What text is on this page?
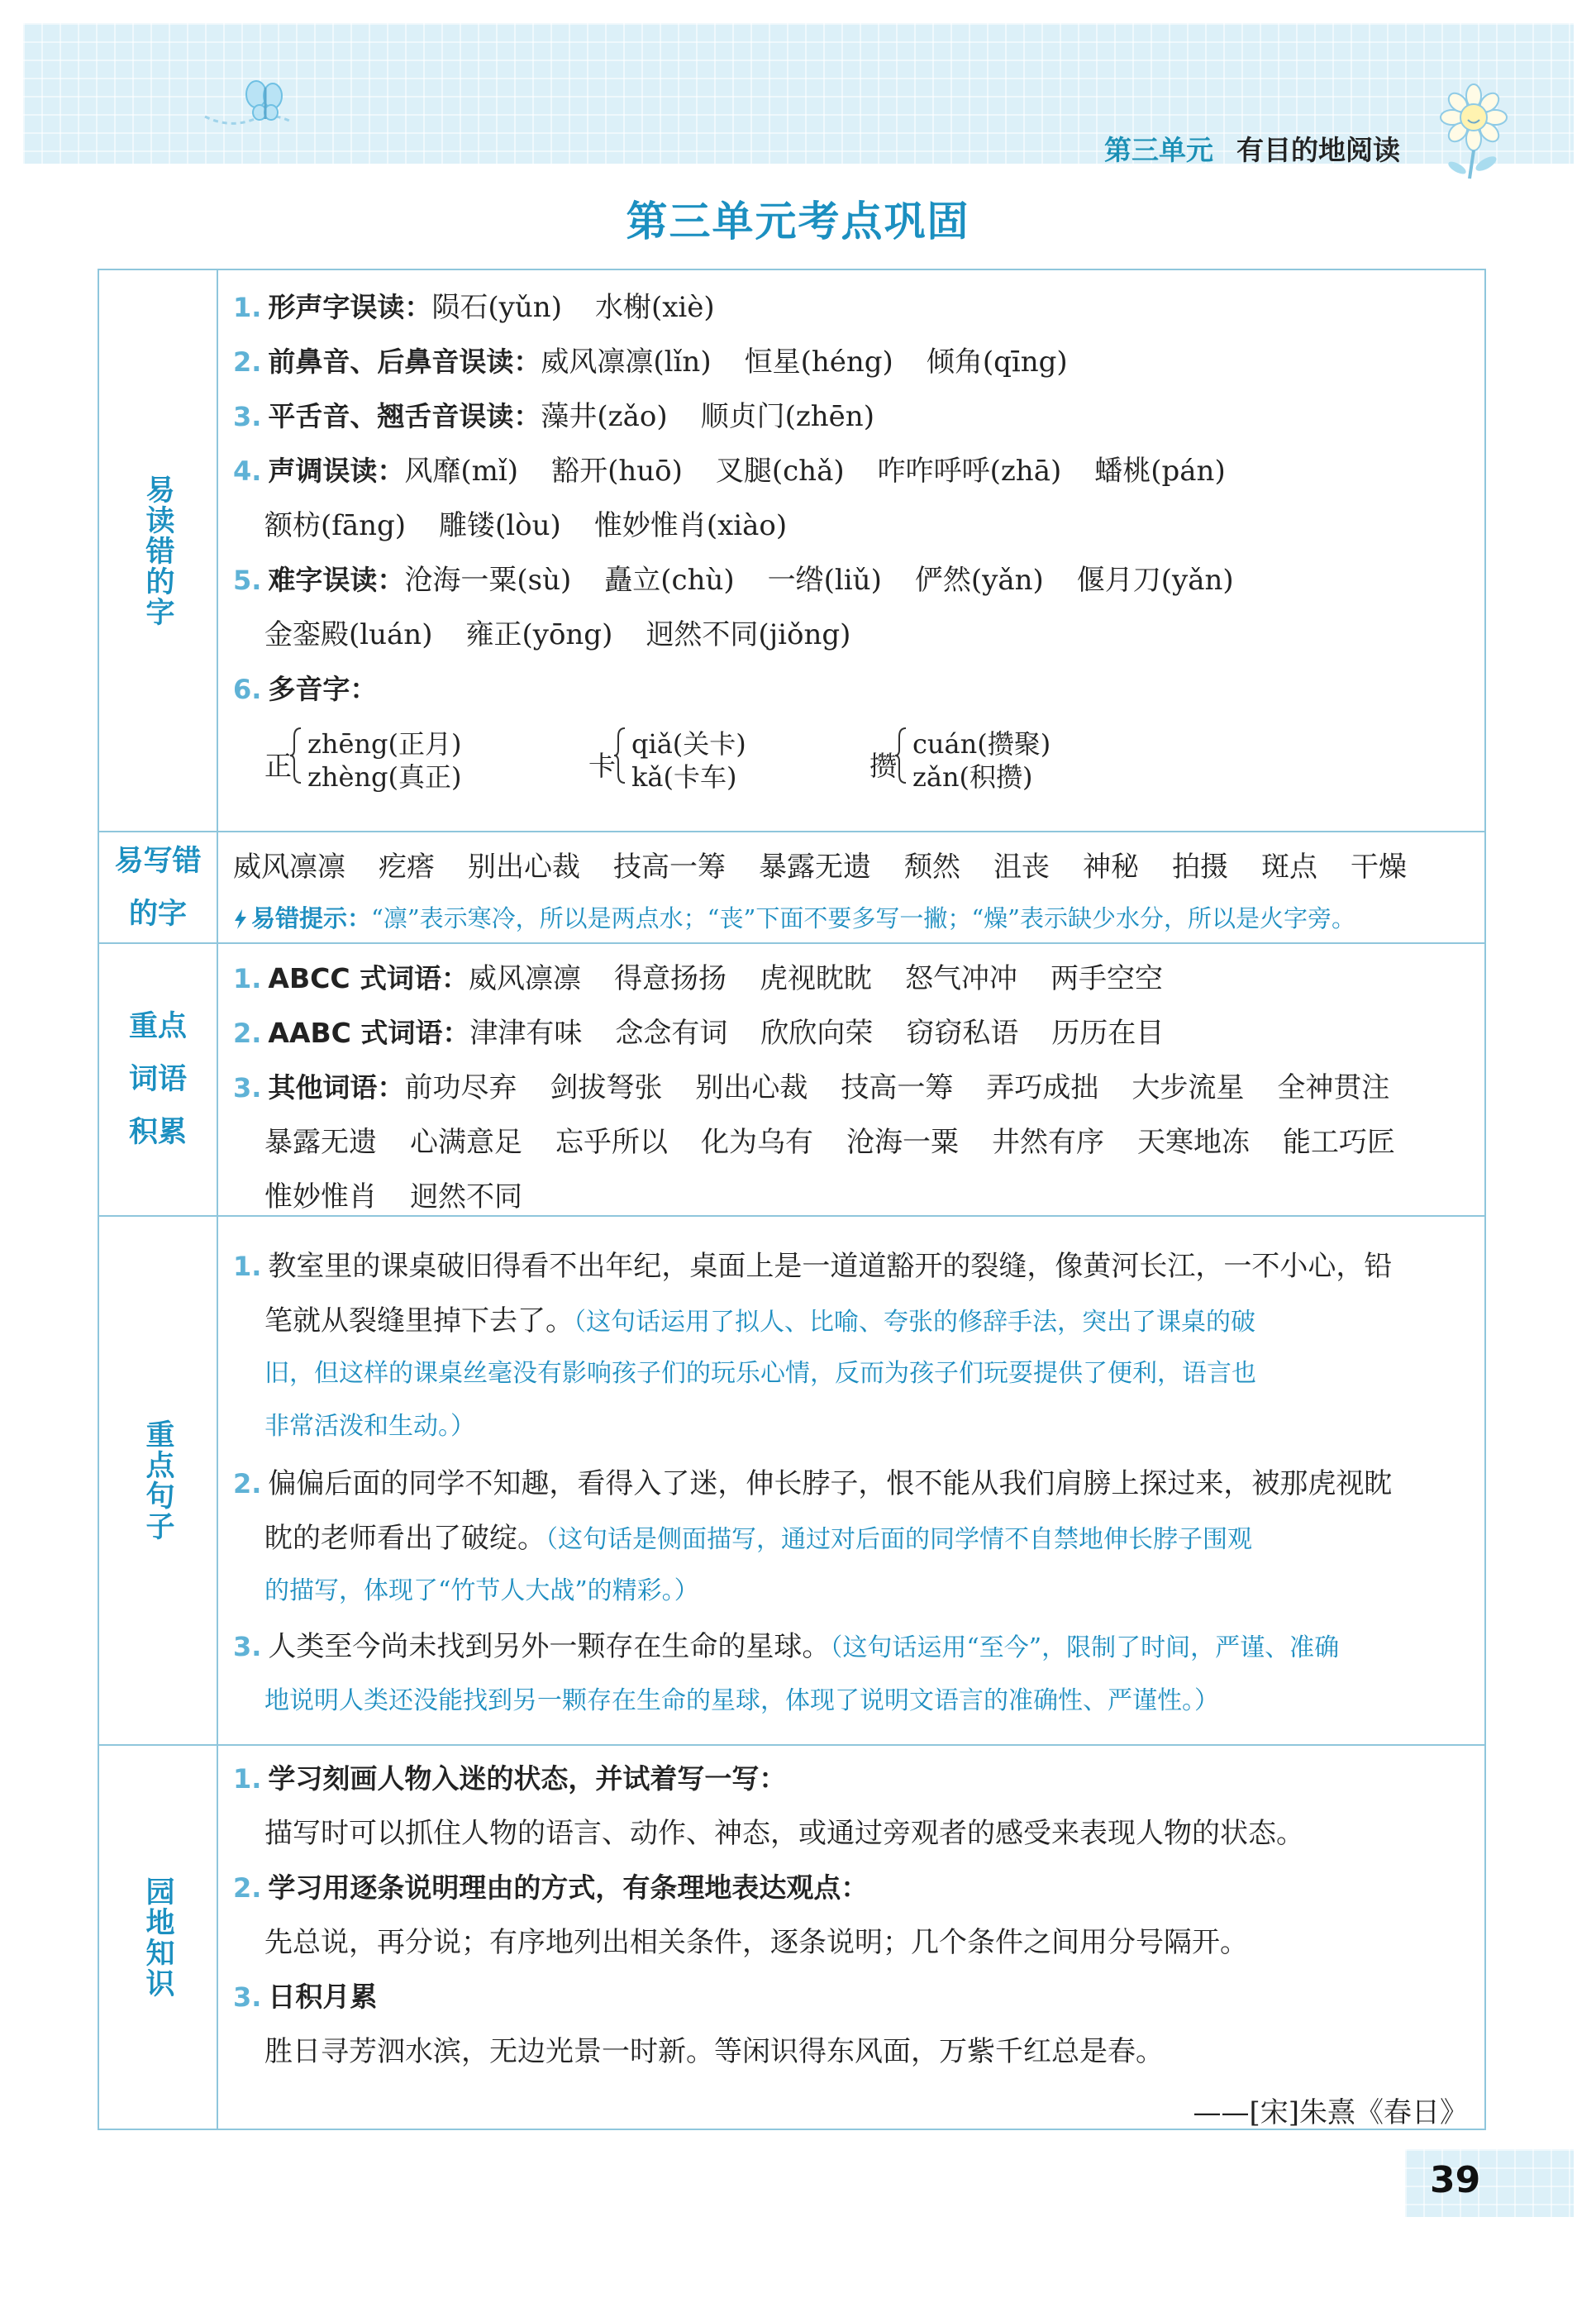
第三单元 有目的地阅读
第三单元考点巩固
易读错的字
1. 形声字误读：陨石(yǔn) 水榭(xiè)
2. 前鼻音、后鼻音误读：威风凛凛(lǐn) 恒星(héng) 倾角(qīng)
3. 平舌音、翘舌音误读：藻井(zǎo) 顺贞门(zhēn)
4. 声调误读：风靡(mǐ) 豁开(huō) 叉腿(chǎ) 咋咋呼呼(zhā) 蟠桃(pán)
额枋(fāng) 雕镂(lòu) 惟妙惟肖(xiào)
5. 难字误读：沧海一粟(sù) 矗立(chù) 一绺(liǔ) 俨然(yǎn) 偃月刀(yǎn)
金銮殿(luán) 雍正(yōng) 迥然不同(jiǒng)
6. 多音字：
正
zhēng(正月)
zhèng(真正)	卡
qiǎ(关卡)
kǎ(卡车)	攒
cuán(攒聚)
zǎn(积攒)
易写错的字
威风凛凛 疙瘩 别出心裁 技高一筹 暴露无遗 颓然 沮丧 神秘 拍摄 斑点 干燥
易错提示：“凛”表示寒冷，所以是两点水；“丧”下面不要多写一撇；“燥”表示缺少水分，所以是火字旁。
重点词语积累
1. ABCC 式词语：威风凛凛 得意扬扬 虎视眈眈 怒气冲冲 两手空空
2. AABC 式词语：津津有味 念念有词 欣欣向荣 窃窃私语 历历在目
3. 其他词语：前功尽弃 剑拔弩张 别出心裁 技高一筹 弄巧成拙 大步流星 全神贯注
暴露无遗 心满意足 忘乎所以 化为乌有 沧海一粟 井然有序 天寒地冻 能工巧匠
惟妙惟肖 迥然不同
重点句子
1. 教室里的课桌破旧得看不出年纪，桌面上是一道道豁开的裂缝，像黄河长江，一不小心，铅
笔就从裂缝里掉下去了。（这句话运用了拟人、比喻、夸张的修辞手法，突出了课桌的破
旧，但这样的课桌丝毫没有影响孩子们的玩乐心情，反而为孩子们玩耍提供了便利，语言也
非常活泼和生动。）
2. 偏偏后面的同学不知趣，看得入了迷，伸长脖子，恨不能从我们肩膀上探过来，被那虎视眈
眈的老师看出了破绽。（这句话是侧面描写，通过对后面的同学情不自禁地伸长脖子围观
的描写，体现了“竹节人大战”的精彩。）
3. 人类至今尚未找到另外一颗存在生命的星球。（这句话运用“至今”，限制了时间，严谨、准确
地说明人类还没能找到另一颗存在生命的星球，体现了说明文语言的准确性、严谨性。）
园地知识
1. 学习刻画人物入迷的状态，并试着写一写：
描写时可以抓住人物的语言、动作、神态，或通过旁观者的感受来表现人物的状态。
2. 学习用逐条说明理由的方式，有条理地表达观点：
先总说，再分说；有序地列出相关条件，逐条说明；几个条件之间用分号隔开。
3. 日积月累
胜日寻芳泗水滨，无边光景一时新。等闲识得东风面，万紫千红总是春。
——[宋]朱熹《春日》
39
